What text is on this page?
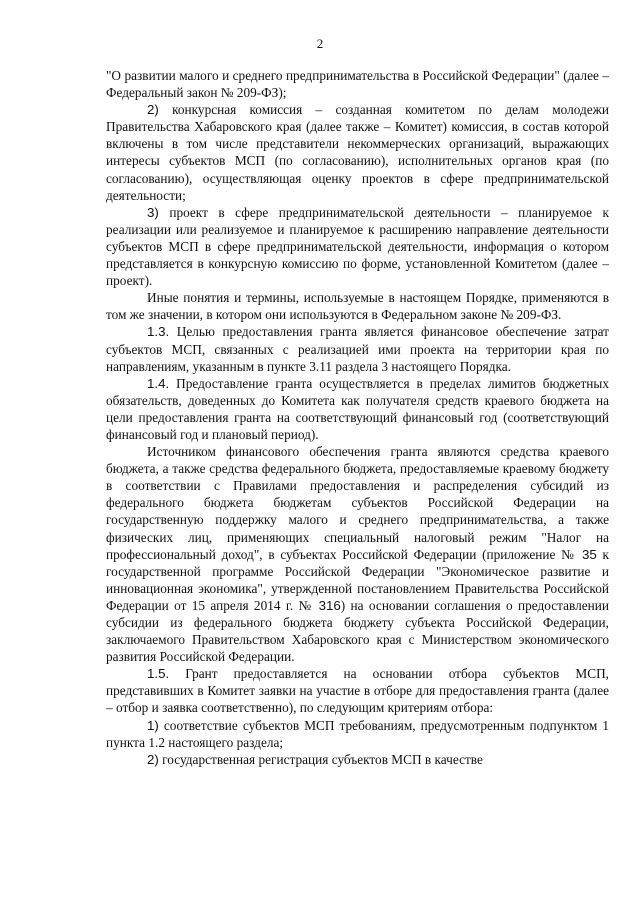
2

"О развитии малого и среднего предпринимательства в Российской Федерации" (далее – Федеральный закон № 209-ФЗ);

2) конкурсная комиссия – созданная комитетом по делам молодежи Правительства Хабаровского края (далее также – Комитет) комиссия, в состав которой включены в том числе представители некоммерческих организаций, выражающих интересы субъектов МСП (по согласованию), исполнительных органов края (по согласованию), осуществляющая оценку проектов в сфере предпринимательской деятельности;

3) проект в сфере предпринимательской деятельности – планируемое к реализации или реализуемое и планируемое к расширению направление деятельности субъектов МСП в сфере предпринимательской деятельности, информация о котором представляется в конкурсную комиссию по форме, установленной Комитетом (далее – проект).

Иные понятия и термины, используемые в настоящем Порядке, применяются в том же значении, в котором они используются в Федеральном законе № 209-ФЗ.

1.3. Целью предоставления гранта является финансовое обеспечение затрат субъектов МСП, связанных с реализацией ими проекта на территории края по направлениям, указанным в пункте 3.11 раздела 3 настоящего Порядка.

1.4. Предоставление гранта осуществляется в пределах лимитов бюджетных обязательств, доведенных до Комитета как получателя средств краевого бюджета на цели предоставления гранта на соответствующий финансовый год (соответствующий финансовый год и плановый период).

Источником финансового обеспечения гранта являются средства краевого бюджета, а также средства федерального бюджета, предоставляемые краевому бюджету в соответствии с Правилами предоставления и распределения субсидий из федерального бюджета бюджетам субъектов Российской Федерации на государственную поддержку малого и среднего предпринимательства, а также физических лиц, применяющих специальный налоговый режим "Налог на профессиональный доход", в субъектах Российской Федерации (приложение № 35 к государственной программе Российской Федерации "Экономическое развитие и инновационная экономика", утвержденной постановлением Правительства Российской Федерации от 15 апреля 2014 г. № 316) на основании соглашения о предоставлении субсидии из федерального бюджета бюджету субъекта Российской Федерации, заключаемого Правительством Хабаровского края с Министерством экономического развития Российской Федерации.

1.5. Грант предоставляется на основании отбора субъектов МСП, представивших в Комитет заявки на участие в отборе для предоставления гранта (далее – отбор и заявка соответственно), по следующим критериям отбора:

1) соответствие субъектов МСП требованиям, предусмотренным подпунктом 1 пункта 1.2 настоящего раздела;

2) государственная регистрация субъектов МСП в качестве
